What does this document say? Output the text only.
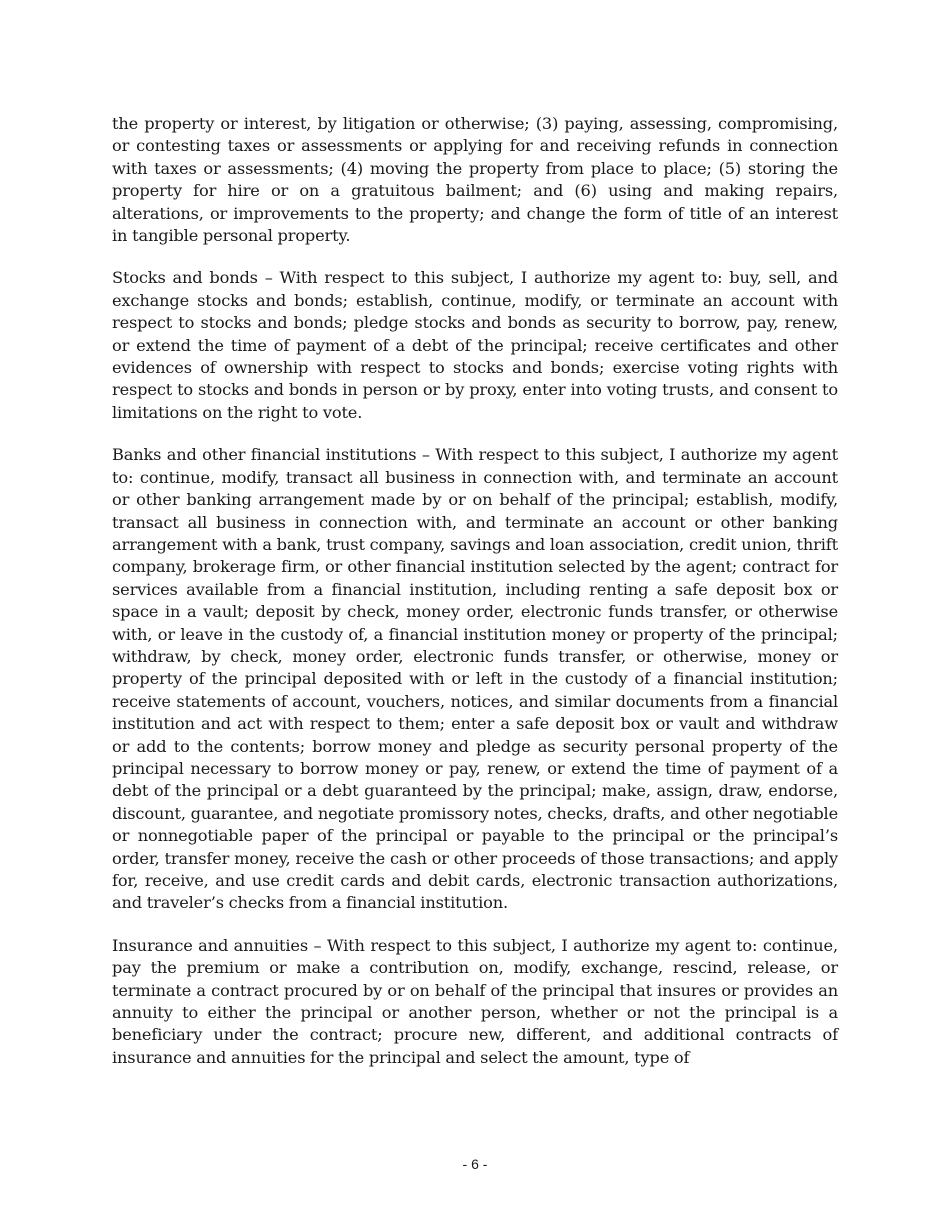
the property or interest, by litigation or otherwise; (3) paying, assessing, compromising, or contesting taxes or assessments or applying for and receiving refunds in connection with taxes or assessments; (4) moving the property from place to place; (5) storing the property for hire or on a gratuitous bailment; and (6) using and making repairs, alterations, or improvements to the property; and change the form of title of an interest in tangible personal property.

Stocks and bonds – With respect to this subject, I authorize my agent to: buy, sell, and exchange stocks and bonds; establish, continue, modify, or terminate an account with respect to stocks and bonds; pledge stocks and bonds as security to borrow, pay, renew, or extend the time of payment of a debt of the principal; receive certificates and other evidences of ownership with respect to stocks and bonds; exercise voting rights with respect to stocks and bonds in person or by proxy, enter into voting trusts, and consent to limitations on the right to vote.

Banks and other financial institutions – With respect to this subject, I authorize my agent to: continue, modify, transact all business in connection with, and terminate an account or other banking arrangement made by or on behalf of the principal; establish, modify, transact all business in connection with, and terminate an account or other banking arrangement with a bank, trust company, savings and loan association, credit union, thrift company, brokerage firm, or other financial institution selected by the agent; contract for services available from a financial institution, including renting a safe deposit box or space in a vault; deposit by check, money order, electronic funds transfer, or otherwise with, or leave in the custody of, a financial institution money or property of the principal; withdraw, by check, money order, electronic funds transfer, or otherwise, money or property of the principal deposited with or left in the custody of a financial institution; receive statements of account, vouchers, notices, and similar documents from a financial institution and act with respect to them; enter a safe deposit box or vault and withdraw or add to the contents; borrow money and pledge as security personal property of the principal necessary to borrow money or pay, renew, or extend the time of payment of a debt of the principal or a debt guaranteed by the principal; make, assign, draw, endorse, discount, guarantee, and negotiate promissory notes, checks, drafts, and other negotiable or nonnegotiable paper of the principal or payable to the principal or the principal’s order, transfer money, receive the cash or other proceeds of those transactions; and apply for, receive, and use credit cards and debit cards, electronic transaction authorizations, and traveler’s checks from a financial institution.

Insurance and annuities – With respect to this subject, I authorize my agent to: continue, pay the premium or make a contribution on, modify, exchange, rescind, release, or terminate a contract procured by or on behalf of the principal that insures or provides an annuity to either the principal or another person, whether or not the principal is a beneficiary under the contract; procure new, different, and additional contracts of insurance and annuities for the principal and select the amount, type of

- 6 -
